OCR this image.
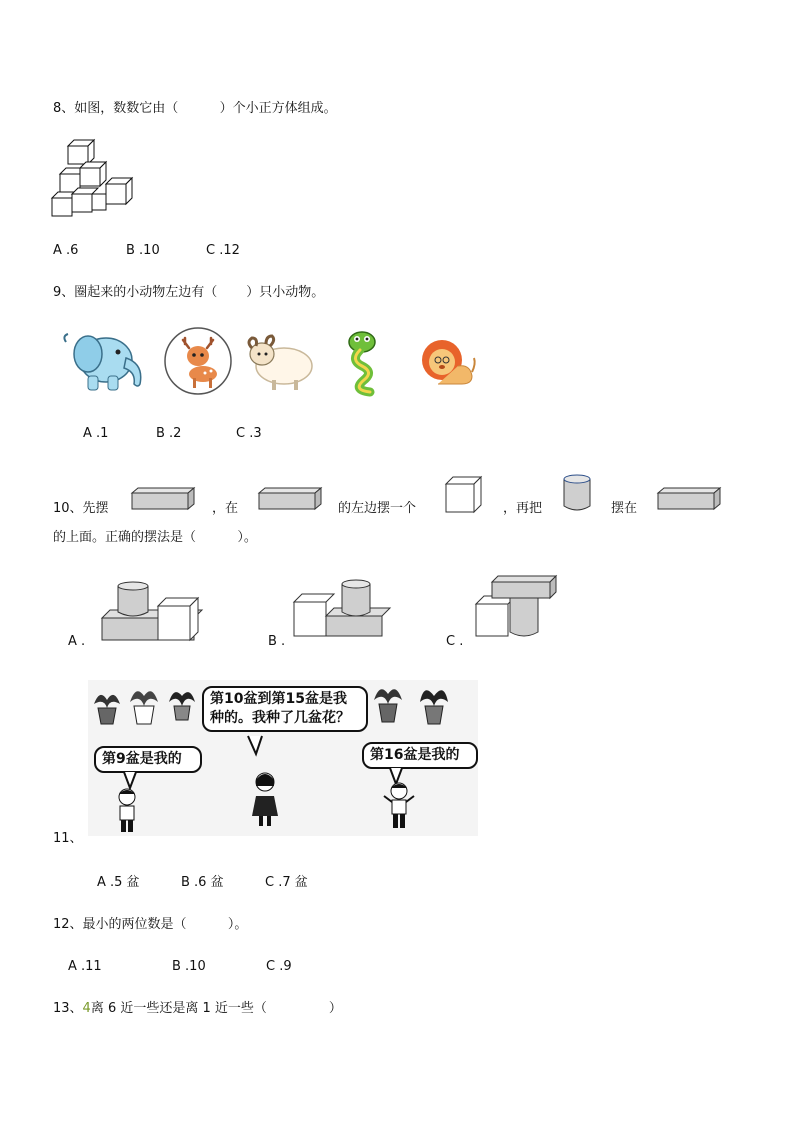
8、如图，数数它由（          ）个小正方体组成。
A .6	B .10	C .12
9、圈起来的小动物左边有（       ）只小动物。
A .1	B .2	C .3
10、先摆	，在	的左边摆一个	，再把	摆在
的上面。正确的摆法是（          ）。
A .	B .	C .
第10盆到第15盆是我种的。我种了几盆花？
第9盆是我的	第16盆是我的
11、
A .5 盆	B .6 盆	C .7 盆
12、最小的两位数是（          ）。
A .11	B .10	C .9
13、4离 6 近一些还是离 1 近一些（               ）
